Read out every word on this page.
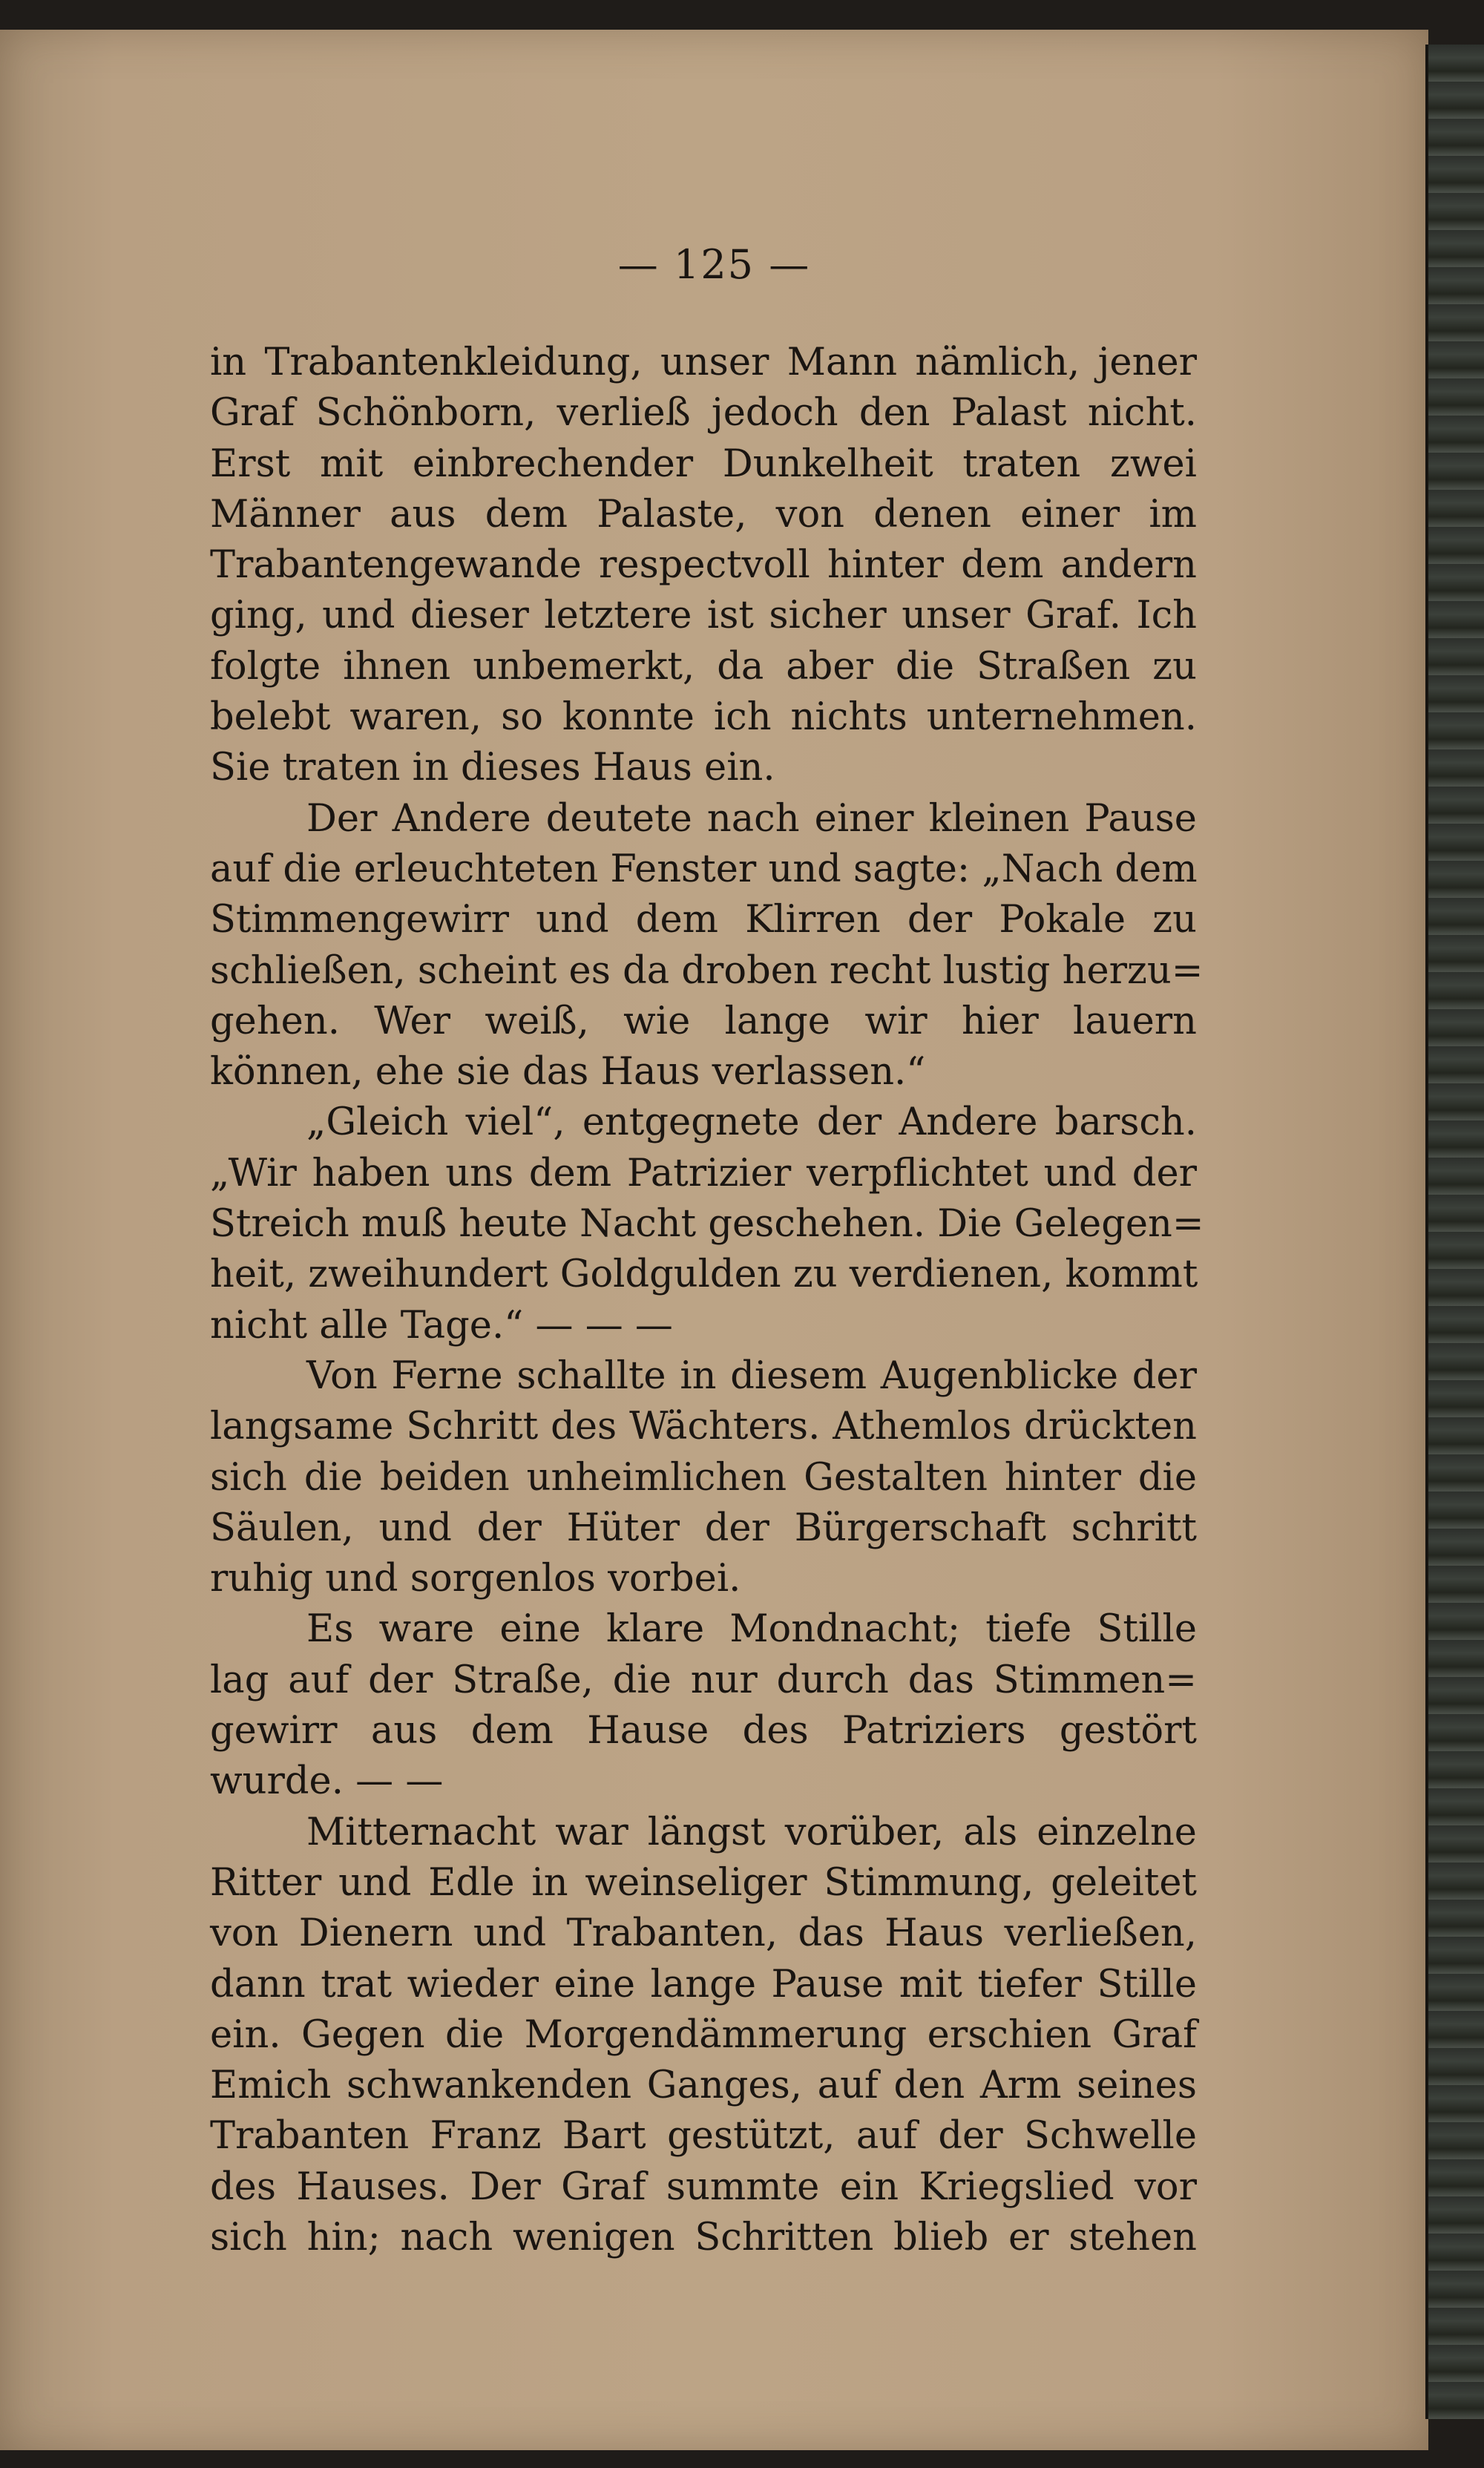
— 125 —
in Trabantenkleidung, unser Mann nämlich, jener
Graf Schönborn, verließ jedoch den Palast nicht.
Erst mit einbrechender Dunkelheit traten zwei
Männer aus dem Palaste, von denen einer im
Trabantengewande respectvoll hinter dem andern
ging, und dieser letztere ist sicher unser Graf. Ich
folgte ihnen unbemerkt, da aber die Straßen zu
belebt waren, so konnte ich nichts unternehmen.
Sie traten in dieses Haus ein.
Der Andere deutete nach einer kleinen Pause
auf die erleuchteten Fenster und sagte: „Nach dem
Stimmengewirr und dem Klirren der Pokale zu
schließen, scheint es da droben recht lustig herzu=
gehen. Wer weiß, wie lange wir hier lauern
können, ehe sie das Haus verlassen.“
„Gleich viel“, entgegnete der Andere barsch.
„Wir haben uns dem Patrizier verpflichtet und der
Streich muß heute Nacht geschehen. Die Gelegen=
heit, zweihundert Goldgulden zu verdienen, kommt
nicht alle Tage.“ — — —
Von Ferne schallte in diesem Augenblicke der
langsame Schritt des Wächters. Athemlos drückten
sich die beiden unheimlichen Gestalten hinter die
Säulen, und der Hüter der Bürgerschaft schritt
ruhig und sorgenlos vorbei.
Es ware eine klare Mondnacht; tiefe Stille
lag auf der Straße, die nur durch das Stimmen=
gewirr aus dem Hause des Patriziers gestört
wurde. — —
Mitternacht war längst vorüber, als einzelne
Ritter und Edle in weinseliger Stimmung, geleitet
von Dienern und Trabanten, das Haus verließen,
dann trat wieder eine lange Pause mit tiefer Stille
ein. Gegen die Morgendämmerung erschien Graf
Emich schwankenden Ganges, auf den Arm seines
Trabanten Franz Bart gestützt, auf der Schwelle
des Hauses. Der Graf summte ein Kriegslied vor
sich hin; nach wenigen Schritten blieb er stehen
